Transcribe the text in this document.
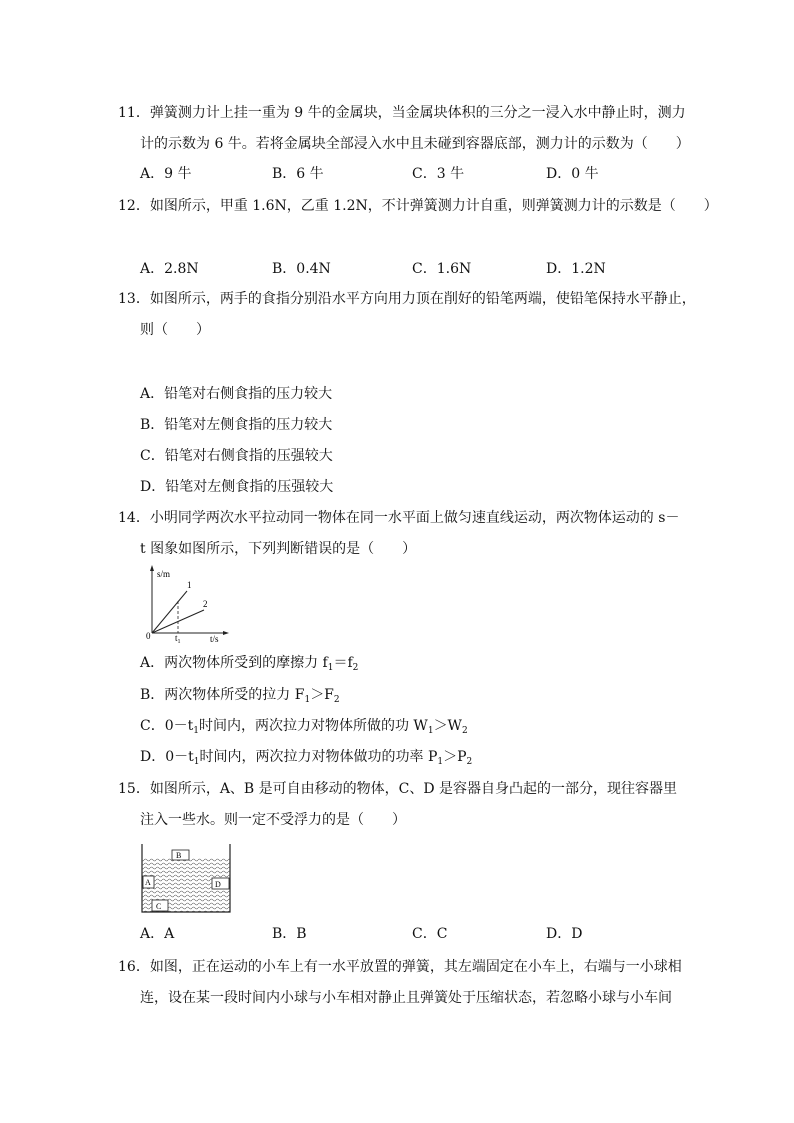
11．弹簧测力计上挂一重为 9 牛的金属块，当金属块体积的三分之一浸入水中静止时，测力
计的示数为 6 牛。若将金属块全部浸入水中且未碰到容器底部，测力计的示数为（　　）
A．9 牛	B．6 牛	C．3 牛	D．0 牛
12．如图所示，甲重 1.6N，乙重 1.2N，不计弹簧测力计自重，则弹簧测力计的示数是（　　）
A．2.8N	B．0.4N	C．1.6N	D．1.2N
13．如图所示，两手的食指分别沿水平方向用力顶在削好的铅笔两端，使铅笔保持水平静止，
则（　　）
A．铅笔对右侧食指的压力较大
B．铅笔对左侧食指的压力较大
C．铅笔对右侧食指的压强较大
D．铅笔对左侧食指的压强较大
14．小明同学两次水平拉动同一物体在同一水平面上做匀速直线运动，两次物体运动的 s－
t 图象如图所示，下列判断错误的是（　　）
s/m
t/s
0	$t_1$
1
2
A．两次物体所受到的摩擦力 $f_1=f_2$
B．两次物体所受的拉力 $F_1>F_2$
C．$0-t_1$时间内，两次拉力对物体所做的功 $W_1>W_2$
D．$0-t_1$时间内，两次拉力对物体做功的功率 $P_1>P_2$
15．如图所示，A、B 是可自由移动的物体，C、D 是容器自身凸起的一部分，现往容器里
注入一些水。则一定不受浮力的是（　　）
B
A	D
C
A．A	B．B	C．C	D．D
16．如图，正在运动的小车上有一水平放置的弹簧，其左端固定在小车上，右端与一小球相
连，设在某一段时间内小球与小车相对静止且弹簧处于压缩状态，若忽略小球与小车间
